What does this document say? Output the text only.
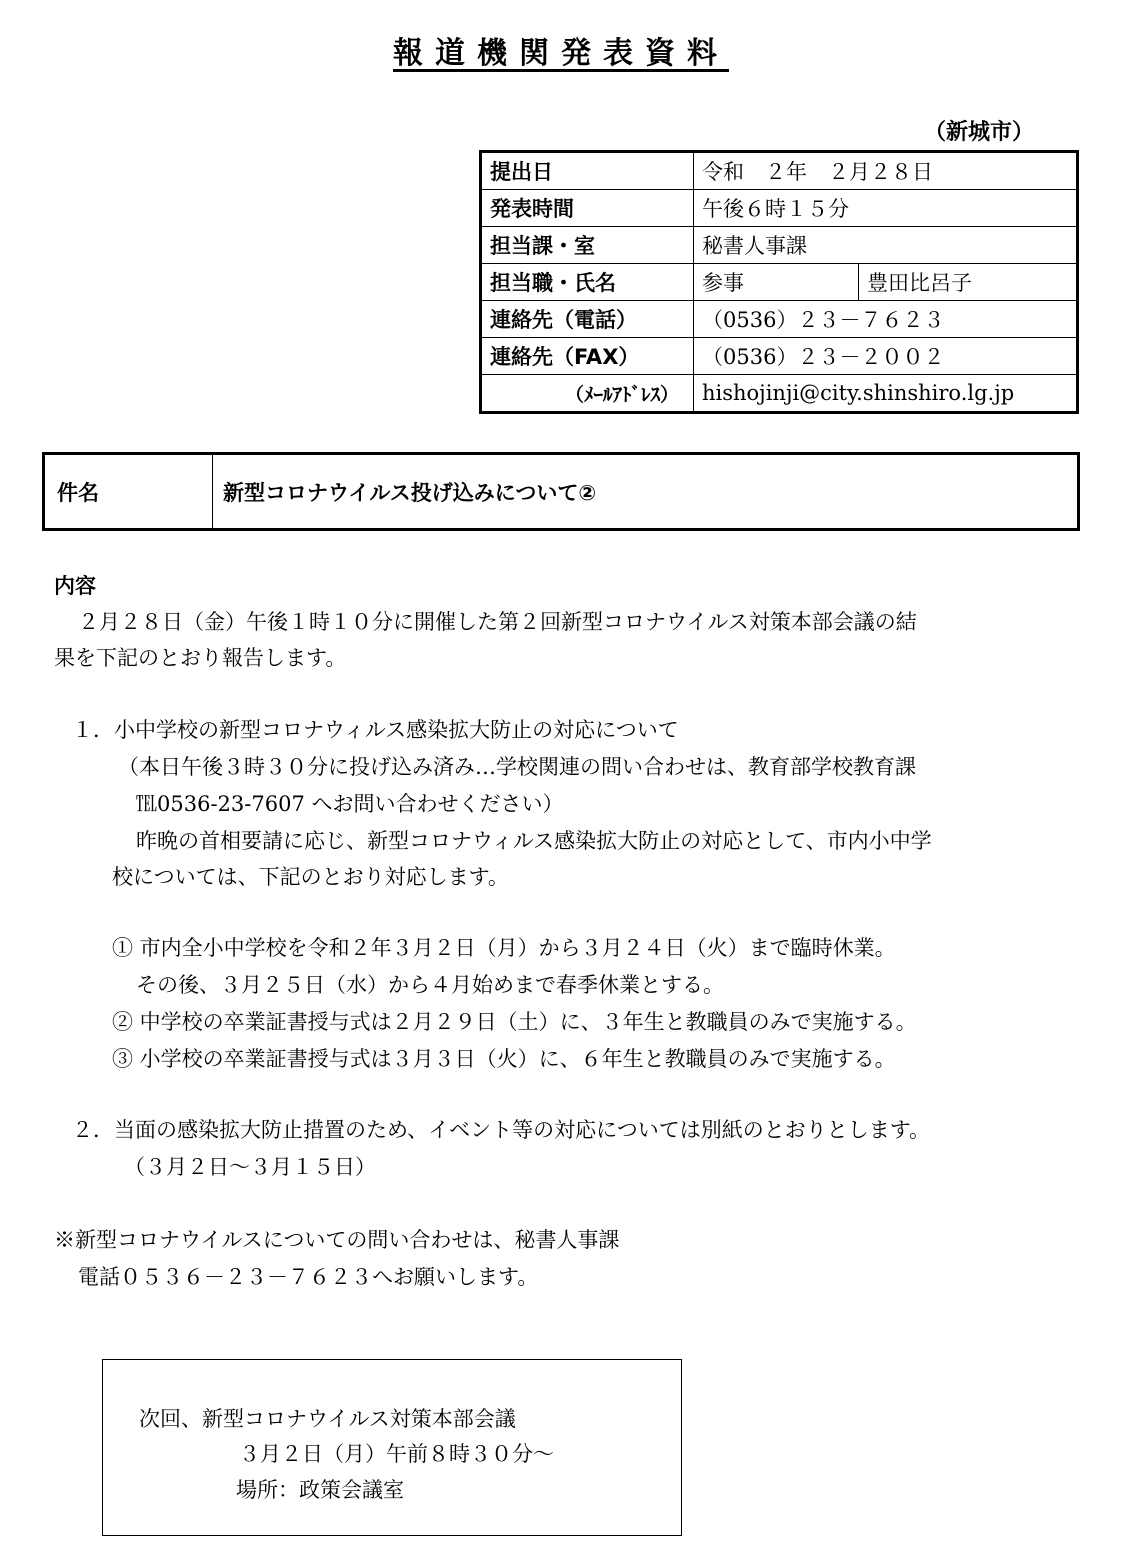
報道機関発表資料
（新城市）
提出日	令和　２年　２月２８日	
発表時間	午後６時１５分	
担当課・室	秘書人事課	
担当職・氏名	参事	豊田比呂子
連絡先（電話）	（0536）２３－７６２３	
連絡先（FAX）	（0536）２３－２００２	
（ﾒｰﾙｱﾄﾞﾚｽ）	hishojinji@city.shinshiro.lg.jp	
件名	新型コロナウイルス投げ込みについて②
内容
２月２８日（金）午後１時１０分に開催した第２回新型コロナウイルス対策本部会議の結
果を下記のとおり報告します。
１．小中学校の新型コロナウィルス感染拡大防止の対応について
（本日午後３時３０分に投げ込み済み…学校関連の問い合わせは、教育部学校教育課
℡0536-23-7607 へお問い合わせください）
昨晩の首相要請に応じ、新型コロナウィルス感染拡大防止の対応として、市内小中学
校については、下記のとおり対応します。
① 市内全小中学校を令和２年３月２日（月）から３月２４日（火）まで臨時休業。
その後、３月２５日（水）から４月始めまで春季休業とする。
② 中学校の卒業証書授与式は２月２９日（土）に、３年生と教職員のみで実施する。
③ 小学校の卒業証書授与式は３月３日（火）に、６年生と教職員のみで実施する。
２．当面の感染拡大防止措置のため、イベント等の対応については別紙のとおりとします。
（３月２日～３月１５日）
※新型コロナウイルスについての問い合わせは、秘書人事課
電話０５３６－２３－７６２３へお願いします。
次回、新型コロナウイルス対策本部会議
３月２日（月）午前８時３０分～
場所：政策会議室
